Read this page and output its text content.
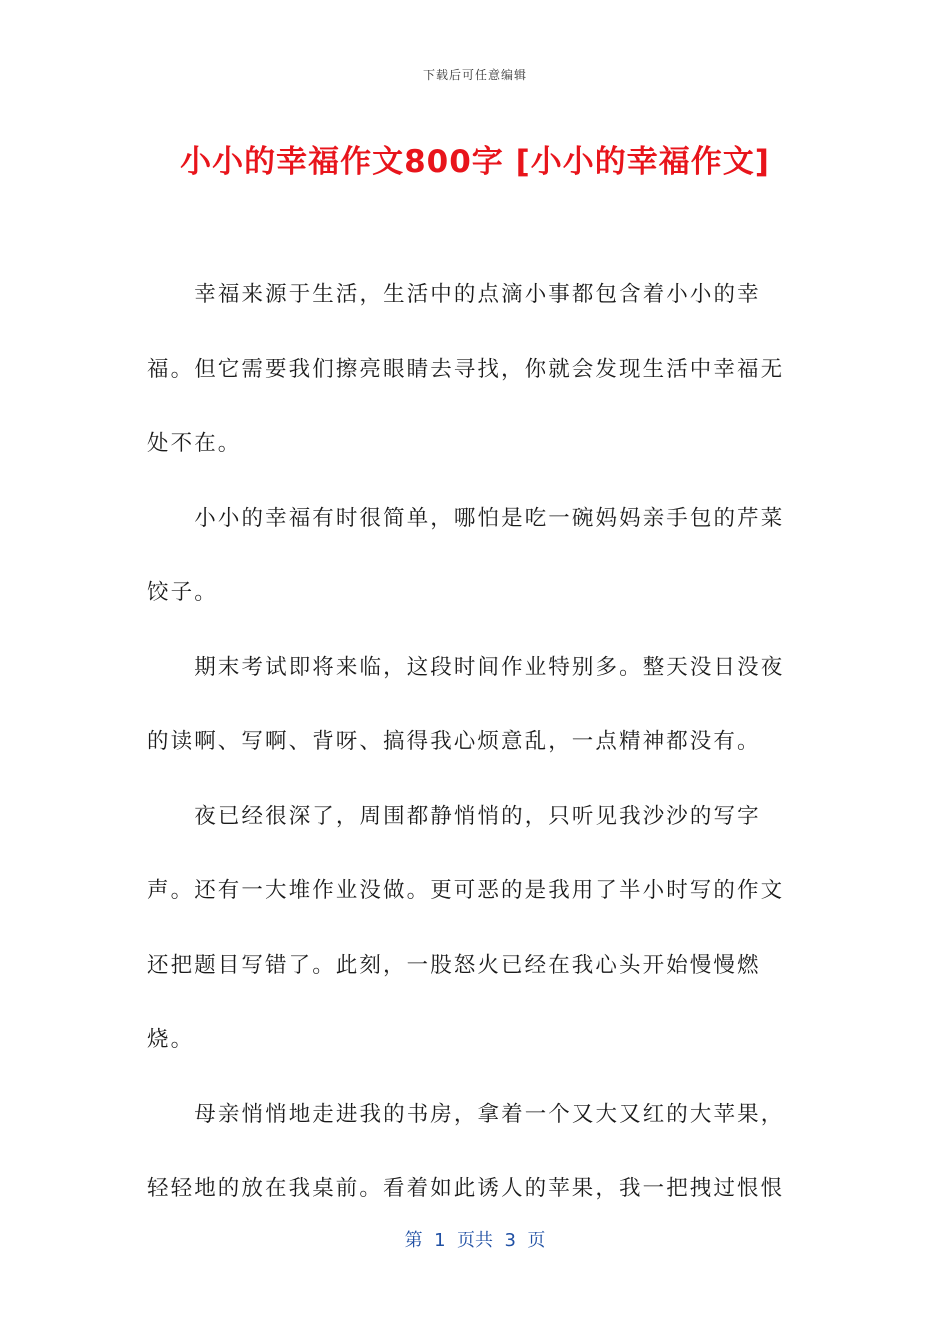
下载后可任意编辑
小小的幸福作文800字 [小小的幸福作文]

幸福来源于生活，生活中的点滴小事都包含着小小的幸福。但它需要我们擦亮眼睛去寻找，你就会发现生活中幸福无处不在。

小小的幸福有时很简单，哪怕是吃一碗妈妈亲手包的芹菜饺子。

期末考试即将来临，这段时间作业特别多。整天没日没夜的读啊、写啊、背呀、搞得我心烦意乱，一点精神都没有。

夜已经很深了，周围都静悄悄的，只听见我沙沙的写字声。还有一大堆作业没做。更可恶的是我用了半小时写的作文还把题目写错了。此刻，一股怒火已经在我心头开始慢慢燃烧。

母亲悄悄地走进我的书房，拿着一个又大又红的大苹果，轻轻地的放在我桌前。看着如此诱人的苹果，我一把拽过恨恨

第  1  页共  3  页
